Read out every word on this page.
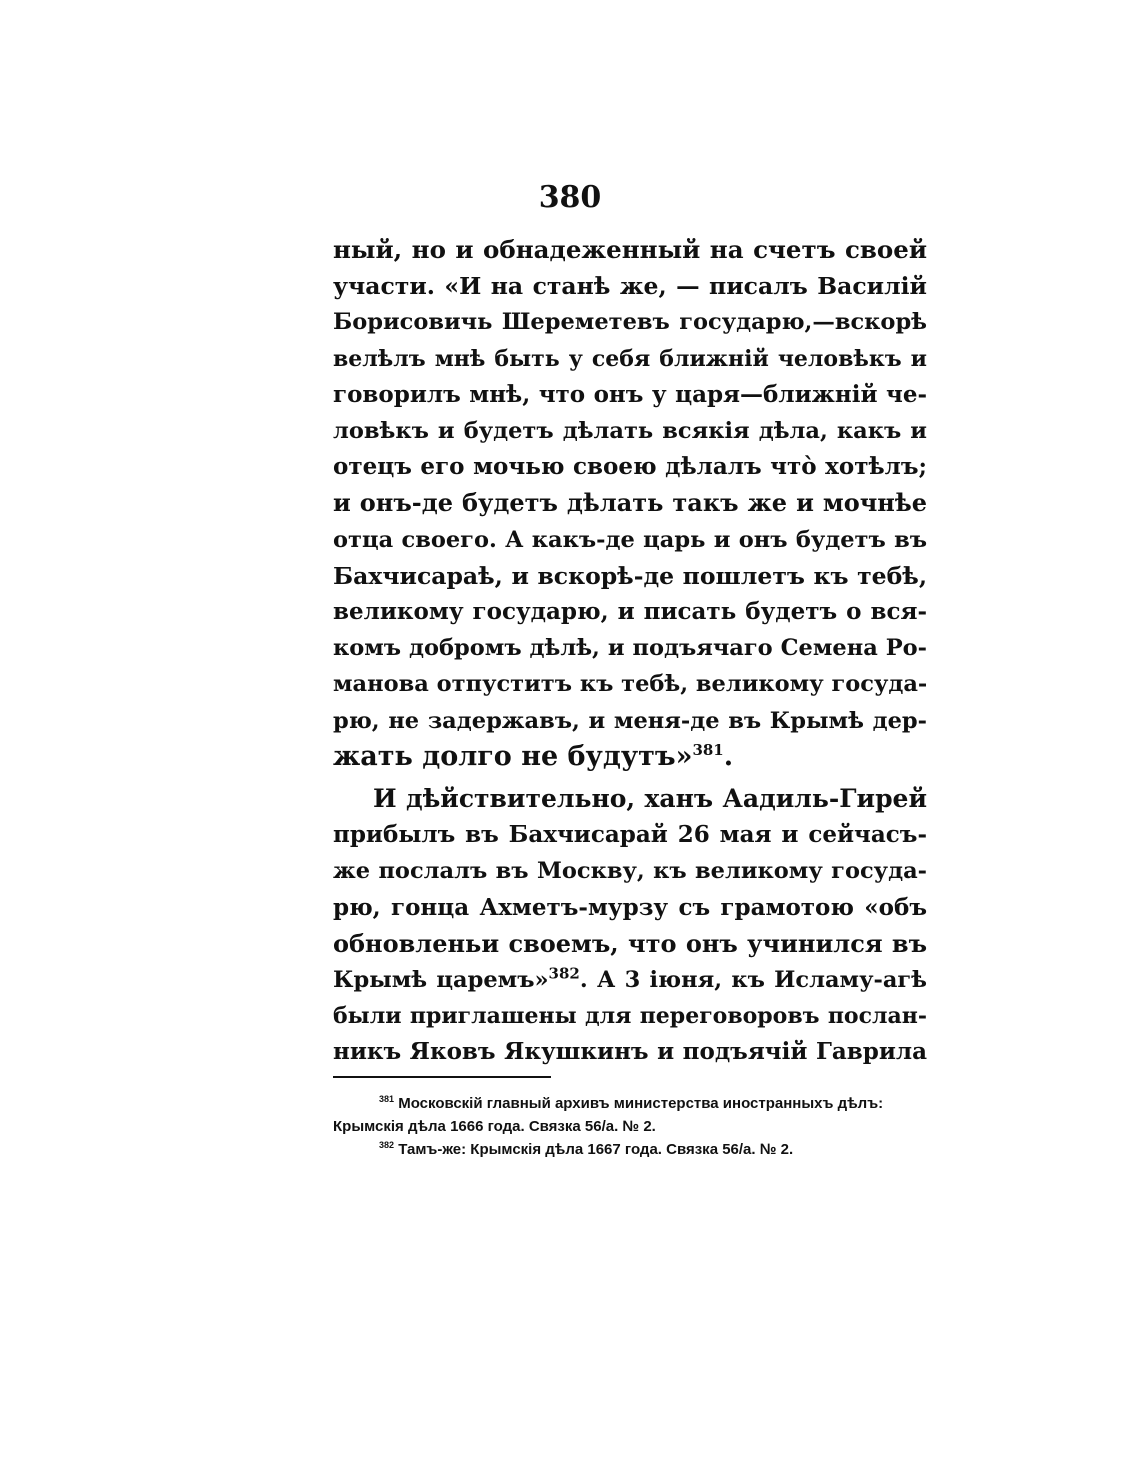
380
ный, но и обнадеженный на счетъ своей
участи. «И на станѣ же, — писалъ Василій
Борисовичь Шереметевъ государю,—вскорѣ
велѣлъ мнѣ быть у себя ближній человѣкъ и
говорилъ мнѣ, что онъ у царя—ближній че-
ловѣкъ и будетъ дѣлать всякія дѣла, какъ и
отецъ его мочью своею дѣлалъ что̀ хотѣлъ;
и онъ-де будетъ дѣлать такъ же и мочнѣе
отца своего. А какъ-де царь и онъ будетъ въ
Бахчисараѣ, и вскорѣ-де пошлетъ къ тебѣ,
великому государю, и писать будетъ о вся-
комъ добромъ дѣлѣ, и подъячаго Семена Ро-
манова отпуститъ къ тебѣ, великому госуда-
рю, не задержавъ, и меня-де въ Крымѣ дер-
жать долго не будутъ»$^{381}$.
И дѣйствительно, ханъ Аадиль-Гирей
прибылъ въ Бахчисарай 26 мая и сейчасъ-
же послалъ въ Москву, къ великому госуда-
рю, гонца Ахметъ-мурзу съ грамотою «объ
обновленьи своемъ, что онъ учинился въ
Крымѣ царемъ»$^{382}$. А 3 іюня, къ Исламу-агѣ
были приглашены для переговоровъ послан-
никъ Яковъ Якушкинъ и подъячій Гаврила
$^{381}$ Московскій главный архивъ министерства иностранныхъ дѣлъ:
Крымскія дѣла 1666 года. Связка 56/а. № 2.
$^{382}$ Тамъ-же: Крымскія дѣла 1667 года. Связка 56/а. № 2.
